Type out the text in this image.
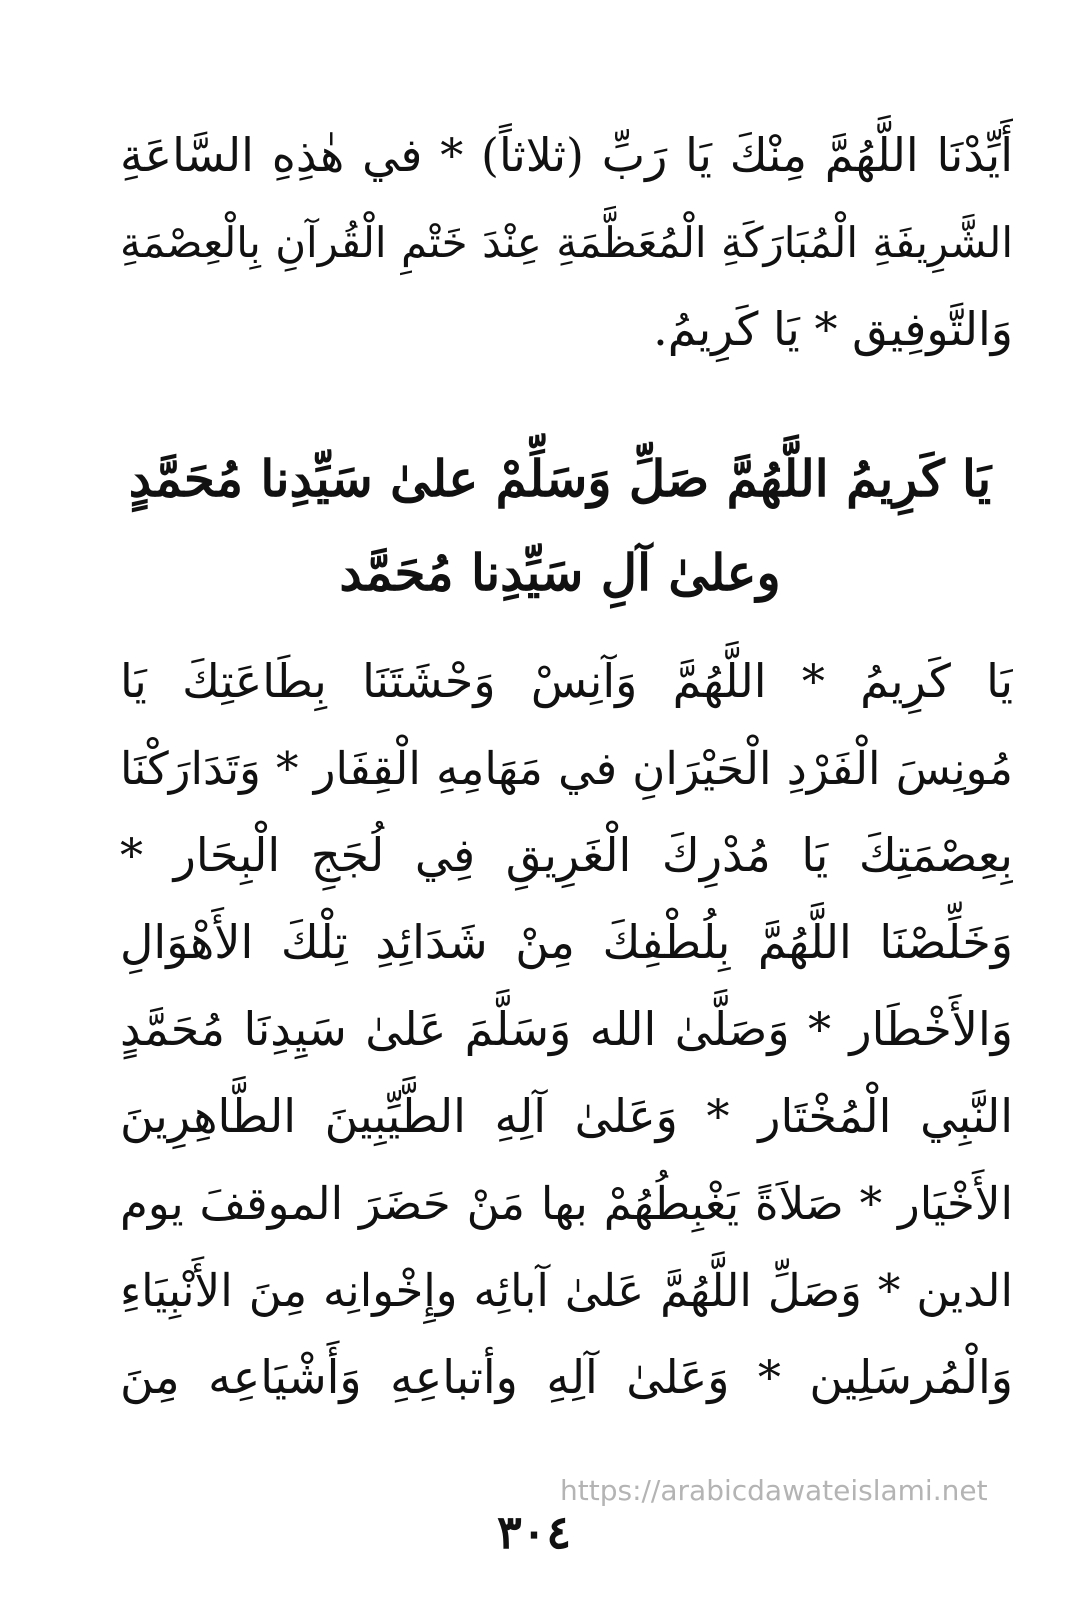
أَيِّدْنَا اللَّهُمَّ مِنْكَ يَا رَبِّ (ثلاثاً) * في هٰذِهِ السَّاعَةِ
الشَّرِيفَةِ الْمُبَارَكَةِ الْمُعَظَّمَةِ عِنْدَ خَتْمِ الْقُرآنِ بِالْعِصْمَةِ
وَالتَّوفِيق * يَا كَرِيمُ.
يَا كَرِيمُ اللَّهُمَّ صَلِّ وَسَلِّمْ علىٰ سَيِّدِنا مُحَمَّدٍ
وعلىٰ آلِ سَيِّدِنا مُحَمَّد
يَا كَرِيمُ * اللَّهُمَّ وَآنِسْ وَحْشَتَنَا بِطَاعَتِكَ يَا
مُونِسَ الْفَرْدِ الْحَيْرَانِ في مَهَامِهِ الْقِفَار * وَتَدَارَكْنَا
بِعِصْمَتِكَ يَا مُدْرِكَ الْغَرِيقِ فِي لُجَجِ الْبِحَار *
وَخَلِّصْنَا اللَّهُمَّ بِلُطْفِكَ مِنْ شَدَائِدِ تِلْكَ الأَهْوَالِ
وَالأَخْطَار * وَصَلَّىٰ الله وَسَلَّمَ عَلىٰ سَيِدِنَا مُحَمَّدٍ
النَّبِي الْمُخْتَار * وَعَلىٰ آلِهِ الطَّيِّبِينَ الطَّاهِرِينَ
الأَخْيَار * صَلاَةً يَغْبِطُهُمْ بها مَنْ حَضَرَ الموقفَ يوم
الدين * وَصَلِّ اللَّهُمَّ عَلىٰ آبائِه وإِخْوانِه مِنَ الأَنْبِيَاءِ
وَالْمُرسَلِين * وَعَلىٰ آلِهِ وأتباعِهِ وَأَشْيَاعِه مِنَ
https://arabicdawateislami.net
٣٠٤
